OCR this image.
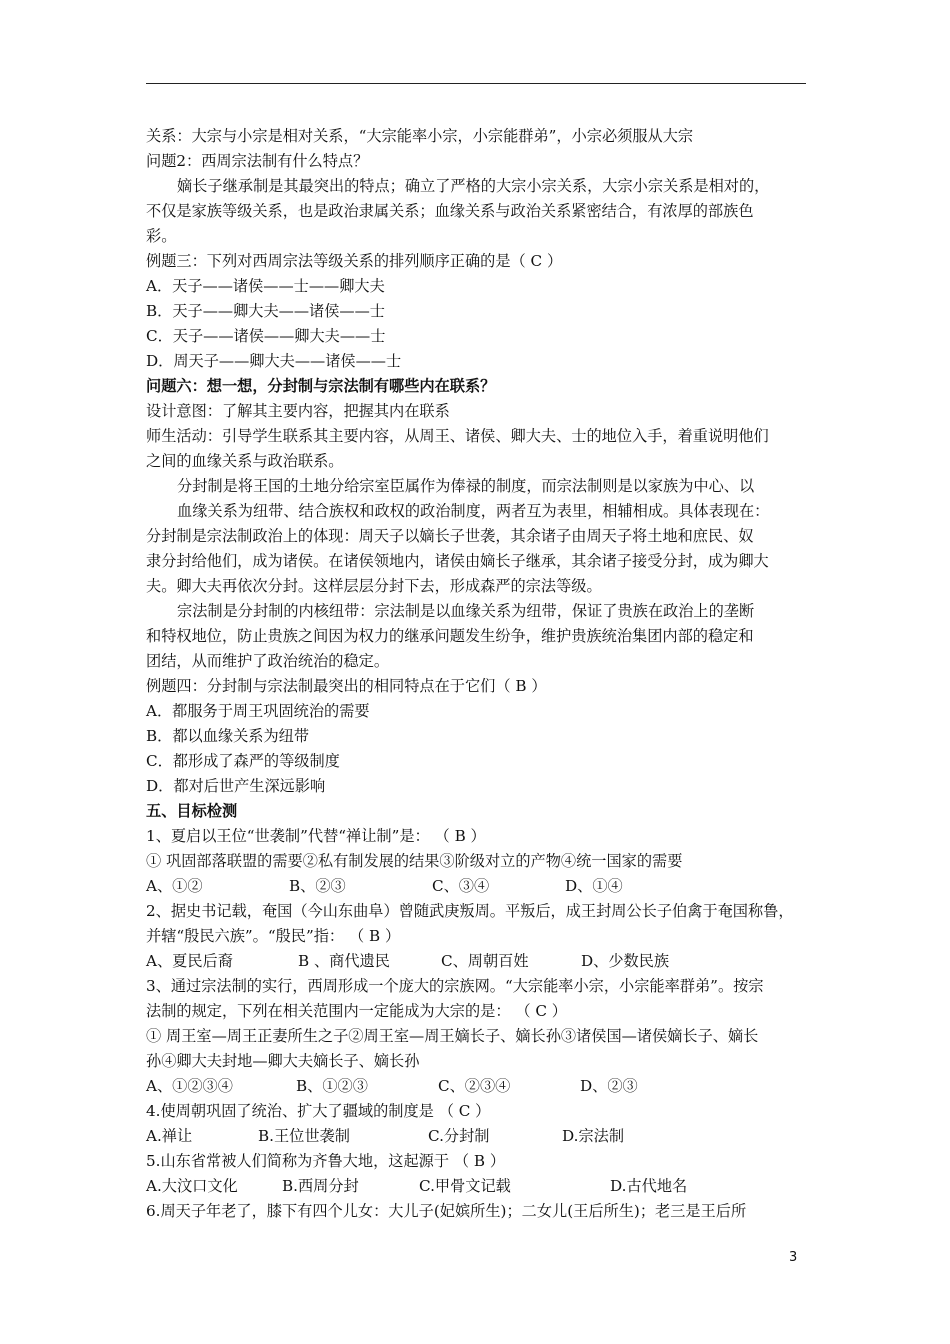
关系：大宗与小宗是相对关系，“大宗能率小宗，小宗能群弟”，小宗必须服从大宗
问题2：西周宗法制有什么特点？
嫡长子继承制是其最突出的特点；确立了严格的大宗小宗关系，大宗小宗关系是相对的，
不仅是家族等级关系，也是政治隶属关系；血缘关系与政治关系紧密结合，有浓厚的部族色
彩。
例题三：下列对西周宗法等级关系的排列顺序正确的是（ C ）
A．天子——诸侯——士——卿大夫
B．天子——卿大夫——诸侯——士
C．天子——诸侯——卿大夫——士
D．周天子——卿大夫——诸侯——士
问题六：想一想，分封制与宗法制有哪些内在联系？
设计意图：了解其主要内容，把握其内在联系
师生活动：引导学生联系其主要内容，从周王、诸侯、卿大夫、士的地位入手，着重说明他们
之间的血缘关系与政治联系。
分封制是将王国的土地分给宗室臣属作为俸禄的制度，而宗法制则是以家族为中心、以
血缘关系为纽带、结合族权和政权的政治制度，两者互为表里，相辅相成。具体表现在：
分封制是宗法制政治上的体现：周天子以嫡长子世袭，其余诸子由周天子将土地和庶民、奴
隶分封给他们，成为诸侯。在诸侯领地内，诸侯由嫡长子继承，其余诸子接受分封，成为卿大
夫。卿大夫再依次分封。这样层层分封下去，形成森严的宗法等级。
宗法制是分封制的内核纽带：宗法制是以血缘关系为纽带，保证了贵族在政治上的垄断
和特权地位，防止贵族之间因为权力的继承问题发生纷争，维护贵族统治集团内部的稳定和
团结，从而维护了政治统治的稳定。
例题四：分封制与宗法制最突出的相同特点在于它们（ B ）
A．都服务于周王巩固统治的需要
B．都以血缘关系为纽带
C．都形成了森严的等级制度
D．都对后世产生深远影响
五、目标检测
1、夏启以王位“世袭制”代替“禅让制”是： （ B ）
① 巩固部落联盟的需要②私有制发展的结果③阶级对立的产物④统一国家的需要
A、①②	B、②③	C、③④	D、①④
2、据史书记载，奄国（今山东曲阜）曾随武庚叛周。平叛后，成王封周公长子伯禽于奄国称鲁，
并辖“殷民六族”。“殷民”指： （ B ）
A、夏民后裔	B 、商代遗民	C、周朝百姓	D、少数民族
3、通过宗法制的实行，西周形成一个庞大的宗族网。“大宗能率小宗，小宗能率群弟”。按宗
法制的规定，下列在相关范围内一定能成为大宗的是： （ C ）
① 周王室—周王正妻所生之子②周王室—周王嫡长子、嫡长孙③诸侯国—诸侯嫡长子、嫡长
孙④卿大夫封地—卿大夫嫡长子、嫡长孙
A、①②③④	B、①②③	C、②③④	D、②③
4.使周朝巩固了统治、扩大了疆域的制度是 （ C ）
A.禅让	B.王位世袭制	C.分封制	D.宗法制
5.山东省常被人们简称为齐鲁大地，这起源于 （ B ）
A.大汶口文化	B.西周分封	C.甲骨文记载	D.古代地名
6.周天子年老了，膝下有四个儿女：大儿子(妃嫔所生)；二女儿(王后所生)；老三是王后所
3
